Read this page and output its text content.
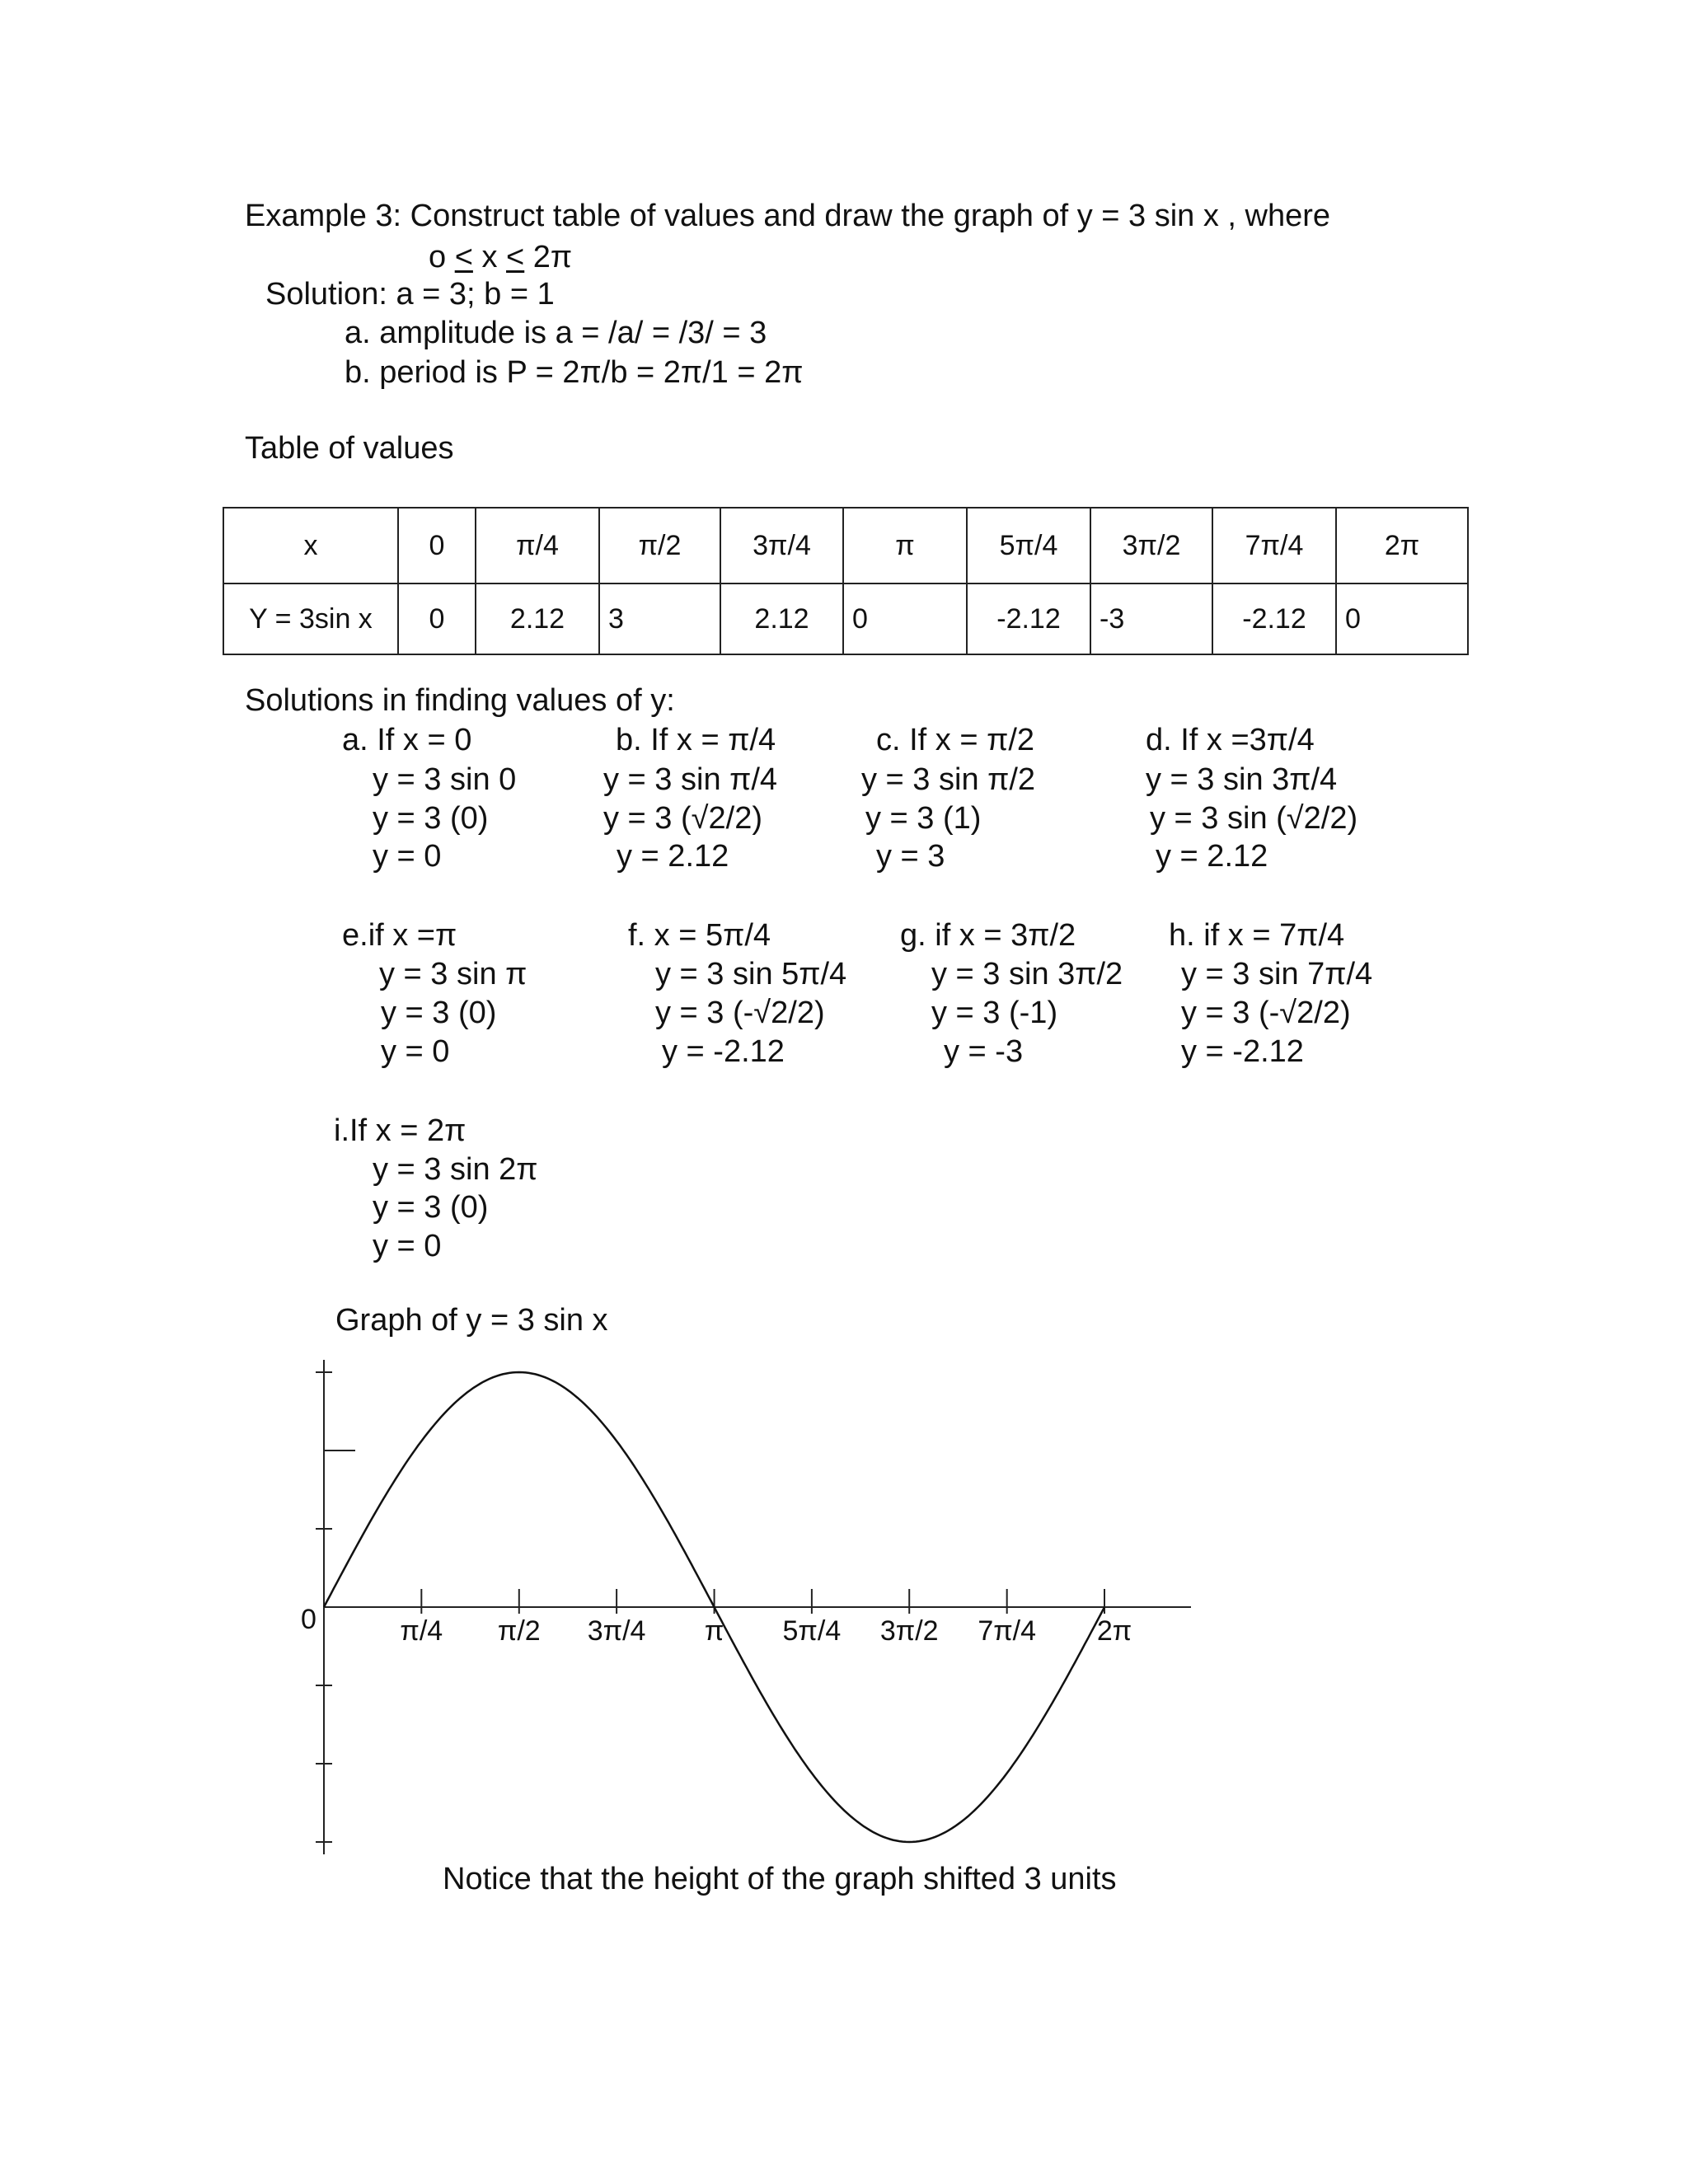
Example 3: Construct table of values and draw the graph of y = 3 sin x , where
o < x < 2π
Solution: a = 3; b = 1
a. amplitude is a = /a/ = /3/ = 3
b. period is P = 2π/b = 2π/1 = 2π
Table of values
x	0	π/4	π/2	3π/4	π	5π/4	3π/2	7π/4	2π
Y = 3sin x	0	2.12	3	2.12	0	-2.12	-3	-2.12	0
Solutions in finding values of y:
a. If x = 0
y = 3 sin 0
y = 3 (0)
y = 0
b. If x = π/4
y = 3 sin π/4
y = 3 (√2/2)
y = 2.12
c. If x = π/2
y = 3 sin π/2
y = 3 (1)
y = 3
d. If x =3π/4
y = 3 sin 3π/4
y = 3 sin (√2/2)
y = 2.12
e.if x =π
y = 3 sin π
y = 3 (0)
y = 0
f. x = 5π/4
y = 3 sin 5π/4
y = 3 (-√2/2)
y = -2.12
g. if x = 3π/2
y = 3 sin 3π/2
y = 3 (-1)
y = -3
h. if x = 7π/4
y = 3 sin 7π/4
y = 3 (-√2/2)
y = -2.12
i.If x = 2π
y = 3 sin 2π
y = 3 (0)
y = 0
Graph of y = 3 sin x
π/4 π/2 3π/4 π 5π/4 3π/2 7π/4 2π
0
Notice that the height of the graph shifted 3 units
